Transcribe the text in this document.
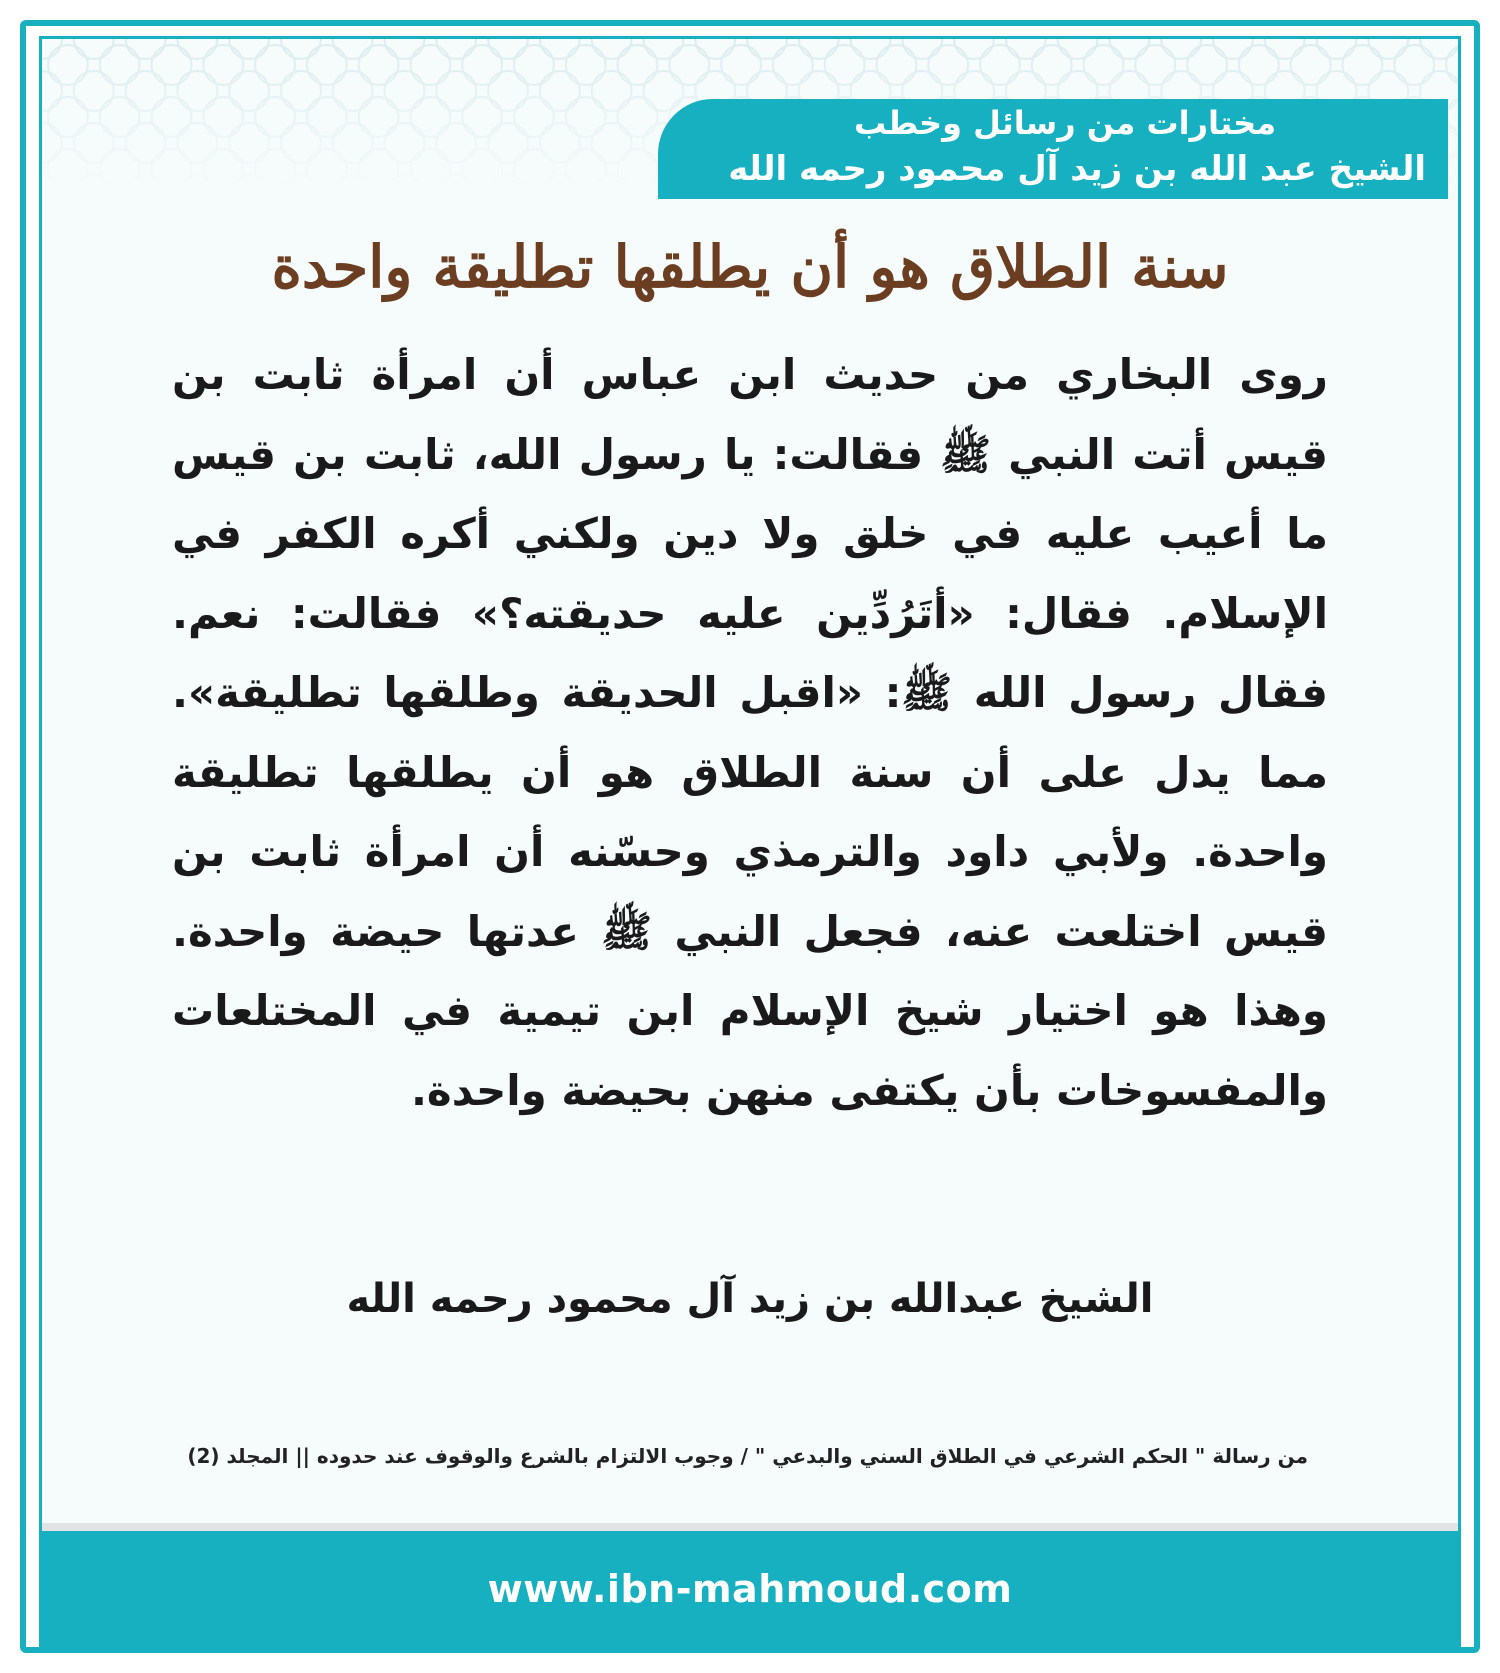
مختارات من رسائل وخطب
الشيخ عبد الله بن زيد آل محمود رحمه الله
سنة الطلاق هو أن يطلقها تطليقة واحدة
روى البخاري من حديث ابن عباس أن امرأة ثابت بن قيس أتت النبي ﷺ فقالت: يا رسول الله، ثابت بن قيس ما أعيب عليه في خلق ولا دين ولكني أكره الكفر في الإسلام. فقال: «أتَرُدِّين عليه حديقته؟» فقالت: نعم. فقال رسول الله ﷺ: «اقبل الحديقة وطلقها تطليقة». مما يدل على أن سنة الطلاق هو أن يطلقها تطليقة واحدة. ولأبي داود والترمذي وحسّنه أن امرأة ثابت بن قيس اختلعت عنه، فجعل النبي ﷺ عدتها حيضة واحدة. وهذا هو اختيار شيخ الإسلام ابن تيمية في المختلعات والمفسوخات بأن يكتفى منهن بحيضة واحدة.
الشيخ عبدالله بن زيد آل محمود رحمه الله
من رسالة " الحكم الشرعي في الطلاق السني والبدعي " / وجوب الالتزام بالشرع والوقوف عند حدوده || المجلد (2)
www.ibn-mahmoud.com
